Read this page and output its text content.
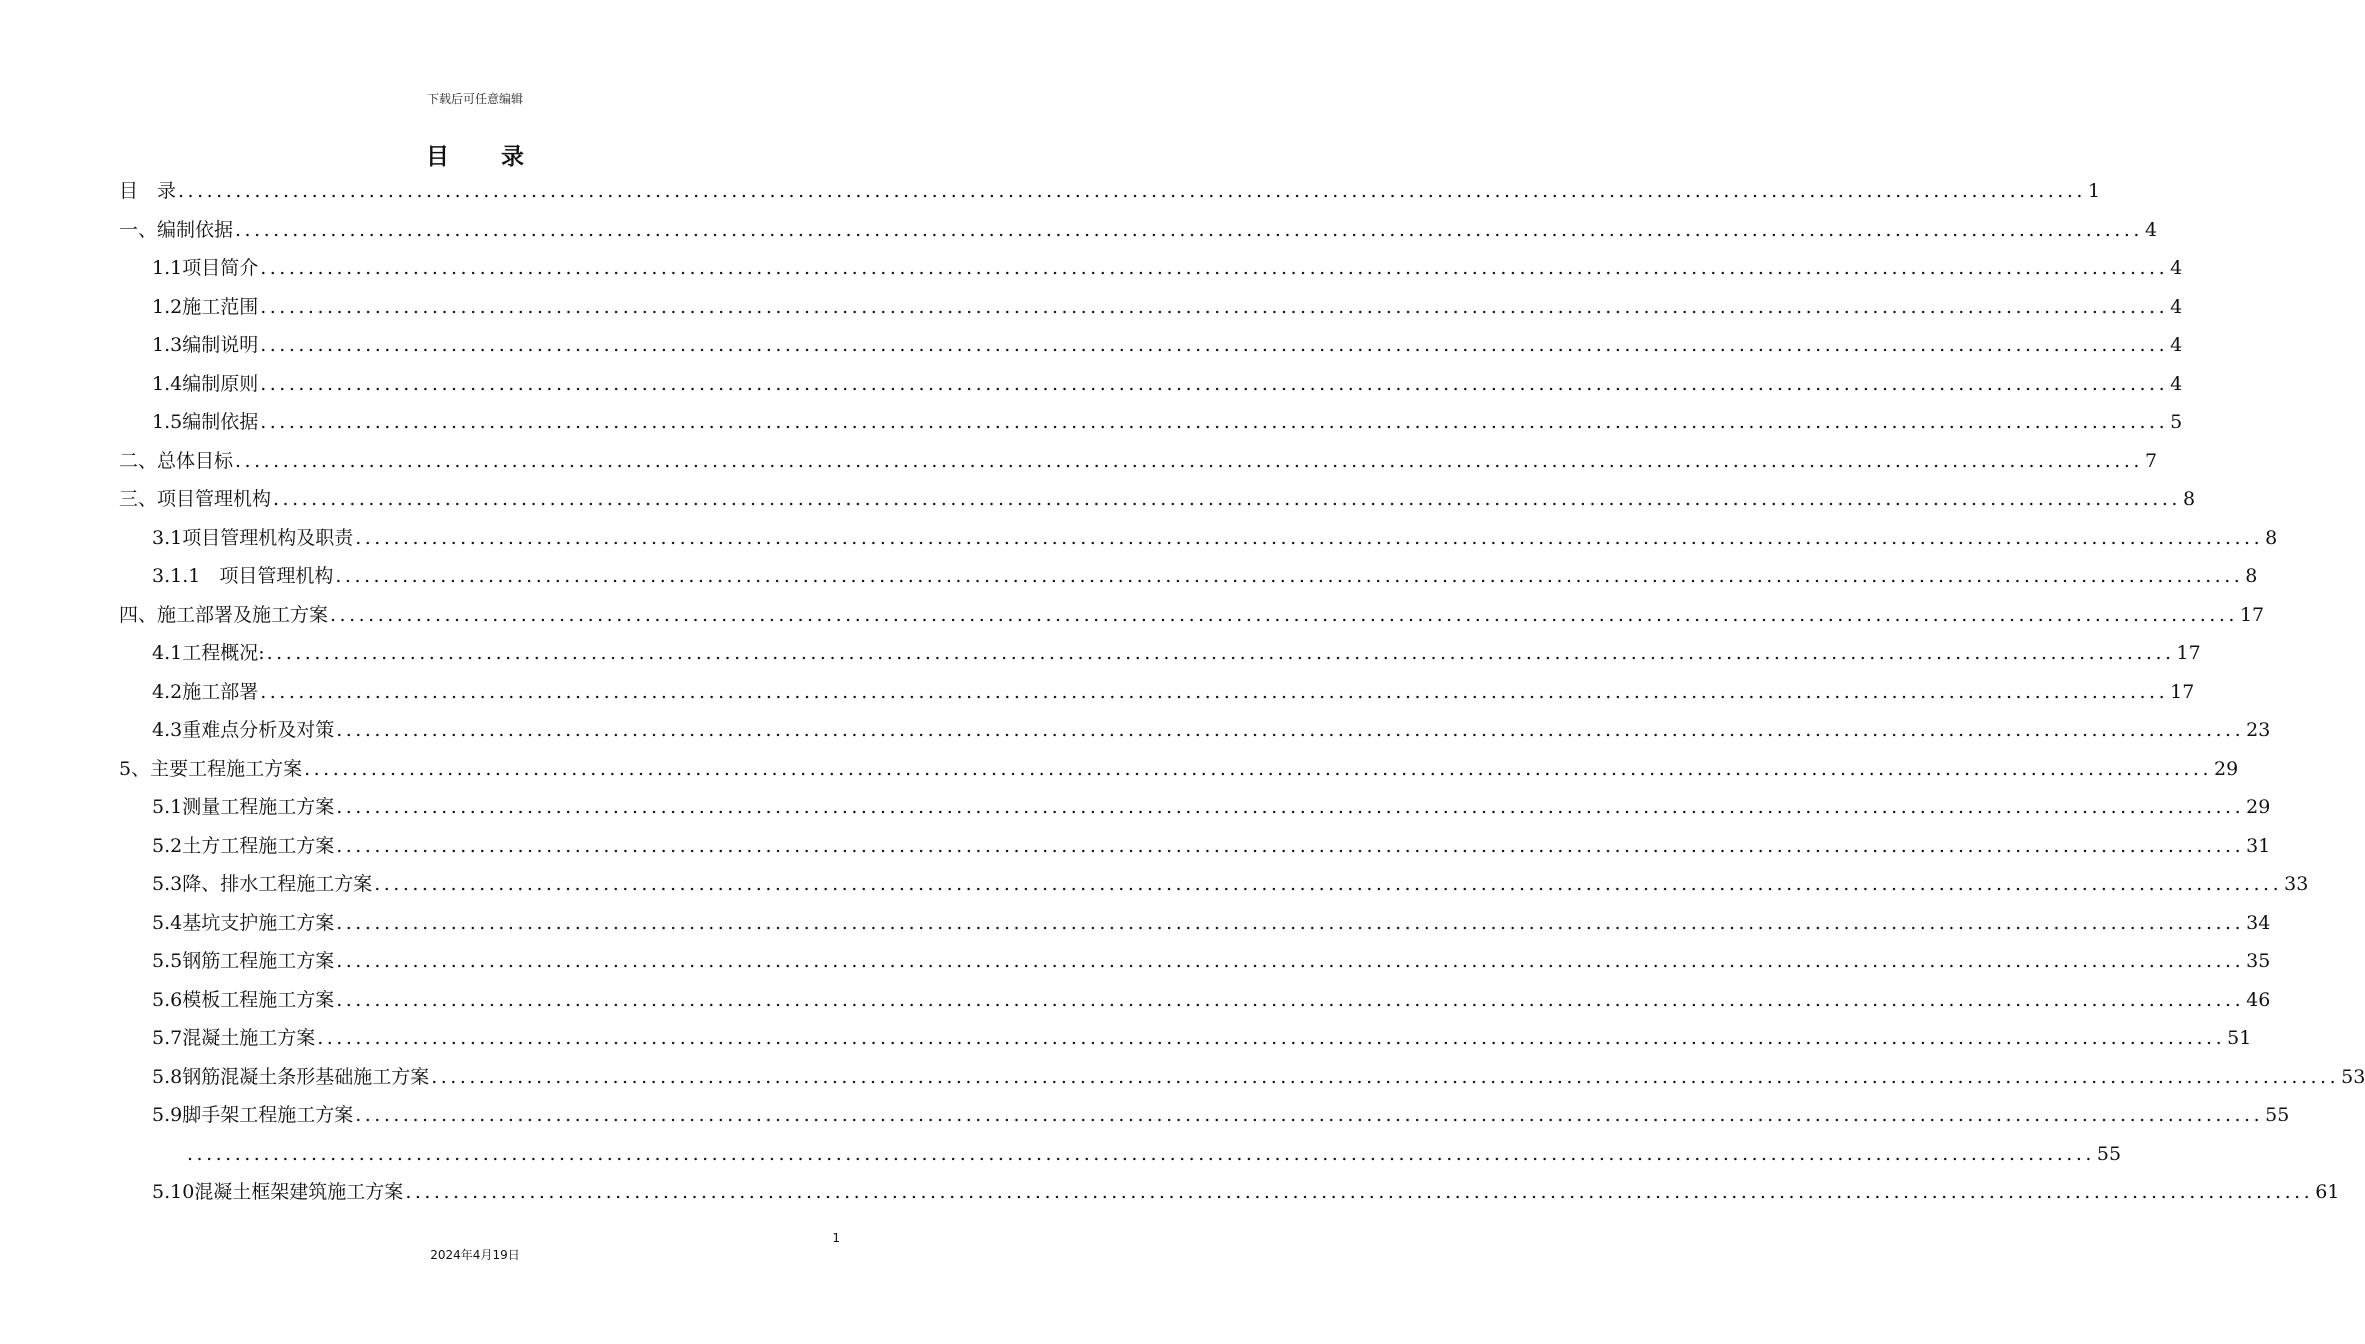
下载后可任意编辑
目 录
目　录 ........................................................................................................................................................................................................ 1
一、编制依据 ........................................................................................................................................................................................................ 4
1.1项目简介 ........................................................................................................................................................................................................ 4
1.2施工范围 ........................................................................................................................................................................................................ 4
1.3编制说明 ........................................................................................................................................................................................................ 4
1.4编制原则 ........................................................................................................................................................................................................ 4
1.5编制依据 ........................................................................................................................................................................................................ 5
二、总体目标 ........................................................................................................................................................................................................ 7
三、项目管理机构 ........................................................................................................................................................................................................ 8
3.1项目管理机构及职责 ........................................................................................................................................................................................................ 8
3.1.1　项目管理机构 ........................................................................................................................................................................................................ 8
四、施工部署及施工方案 ........................................................................................................................................................................................................ 17
4.1工程概况: ........................................................................................................................................................................................................ 17
4.2施工部署 ........................................................................................................................................................................................................ 17
4.3重难点分析及对策 ........................................................................................................................................................................................................ 23
5、主要工程施工方案 ........................................................................................................................................................................................................ 29
5.1测量工程施工方案 ........................................................................................................................................................................................................ 29
5.2土方工程施工方案 ........................................................................................................................................................................................................ 31
5.3降、排水工程施工方案 ........................................................................................................................................................................................................ 33
5.4基坑支护施工方案 ........................................................................................................................................................................................................ 34
5.5钢筋工程施工方案 ........................................................................................................................................................................................................ 35
5.6模板工程施工方案 ........................................................................................................................................................................................................ 46
5.7混凝土施工方案 ........................................................................................................................................................................................................ 51
5.8钢筋混凝土条形基础施工方案 ........................................................................................................................................................................................................ 53
5.9脚手架工程施工方案 ........................................................................................................................................................................................................ 55
........................................................................................................................................................................................................ 55
5.10混凝土框架建筑施工方案 ........................................................................................................................................................................................................ 61
1
2024年4月19日
